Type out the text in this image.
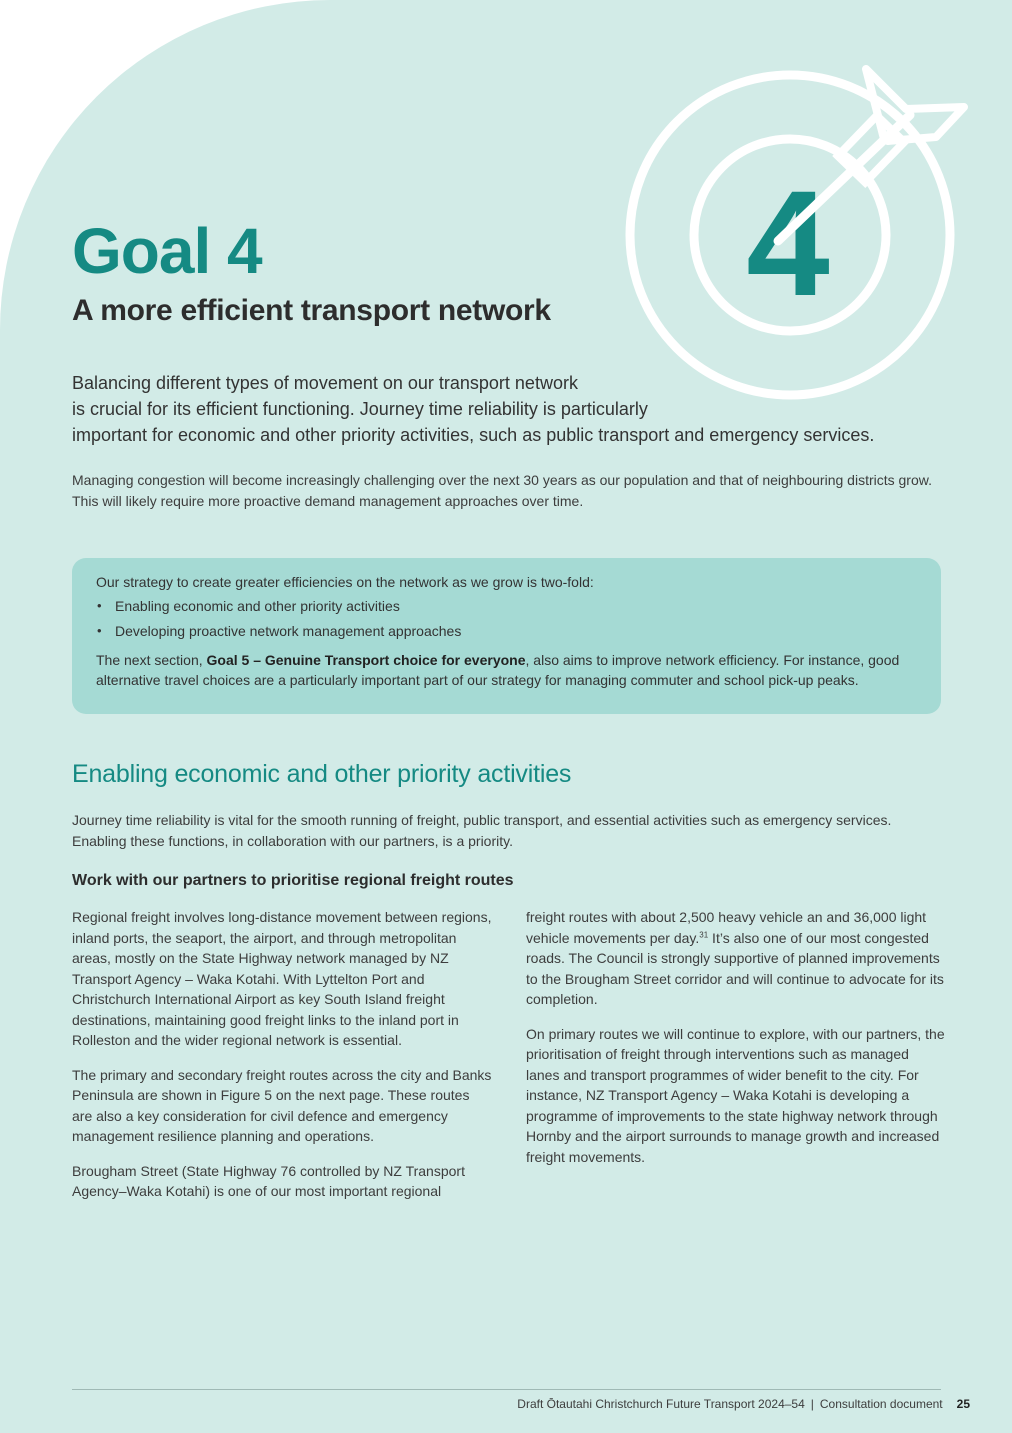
4
Goal 4
A more efficient transport network

Balancing different types of movement on our transport network
is crucial for its efficient functioning. Journey time reliability is particularly
important for economic and other priority activities, such as public transport and emergency services.

Managing congestion will become increasingly challenging over the next 30 years as our population and that of neighbouring districts grow. This will likely require more proactive demand management approaches over time.

Our strategy to create greater efficiencies on the network as we grow is two-fold:
• Enabling economic and other priority activities
• Developing proactive network management approaches
The next section, Goal 5 – Genuine Transport choice for everyone, also aims to improve network efficiency. For instance, good alternative travel choices are a particularly important part of our strategy for managing commuter and school pick-up peaks.
Enabling economic and other priority activities

Journey time reliability is vital for the smooth running of freight, public transport, and essential activities such as emergency services. Enabling these functions, in collaboration with our partners, is a priority.

Work with our partners to prioritise regional freight routes

Regional freight involves long-distance movement between regions, inland ports, the seaport, the airport, and through metropolitan areas, mostly on the State Highway network managed by NZ Transport Agency – Waka Kotahi. With Lyttelton Port and Christchurch International Airport as key South Island freight destinations, maintaining good freight links to the inland port in Rolleston and the wider regional network is essential.

The primary and secondary freight routes across the city and Banks Peninsula are shown in Figure 5 on the next page. These routes are also a key consideration for civil defence and emergency management resilience planning and operations.

Brougham Street (State Highway 76 controlled by NZ Transport Agency–Waka Kotahi) is one of our most important regional

freight routes with about 2,500 heavy vehicle an and 36,000 light vehicle movements per day.$^{31}$ It’s also one of our most congested roads. The Council is strongly supportive of planned improvements to the Brougham Street corridor and will continue to advocate for its completion.

On primary routes we will continue to explore, with our partners, the prioritisation of freight through interventions such as managed lanes and transport programmes of wider benefit to the city. For instance, NZ Transport Agency – Waka Kotahi is developing a programme of improvements to the state highway network through Hornby and the airport surrounds to manage growth and increased freight movements.

Draft Ōtautahi Christchurch Future Transport 2024–54 | Consultation document 25
